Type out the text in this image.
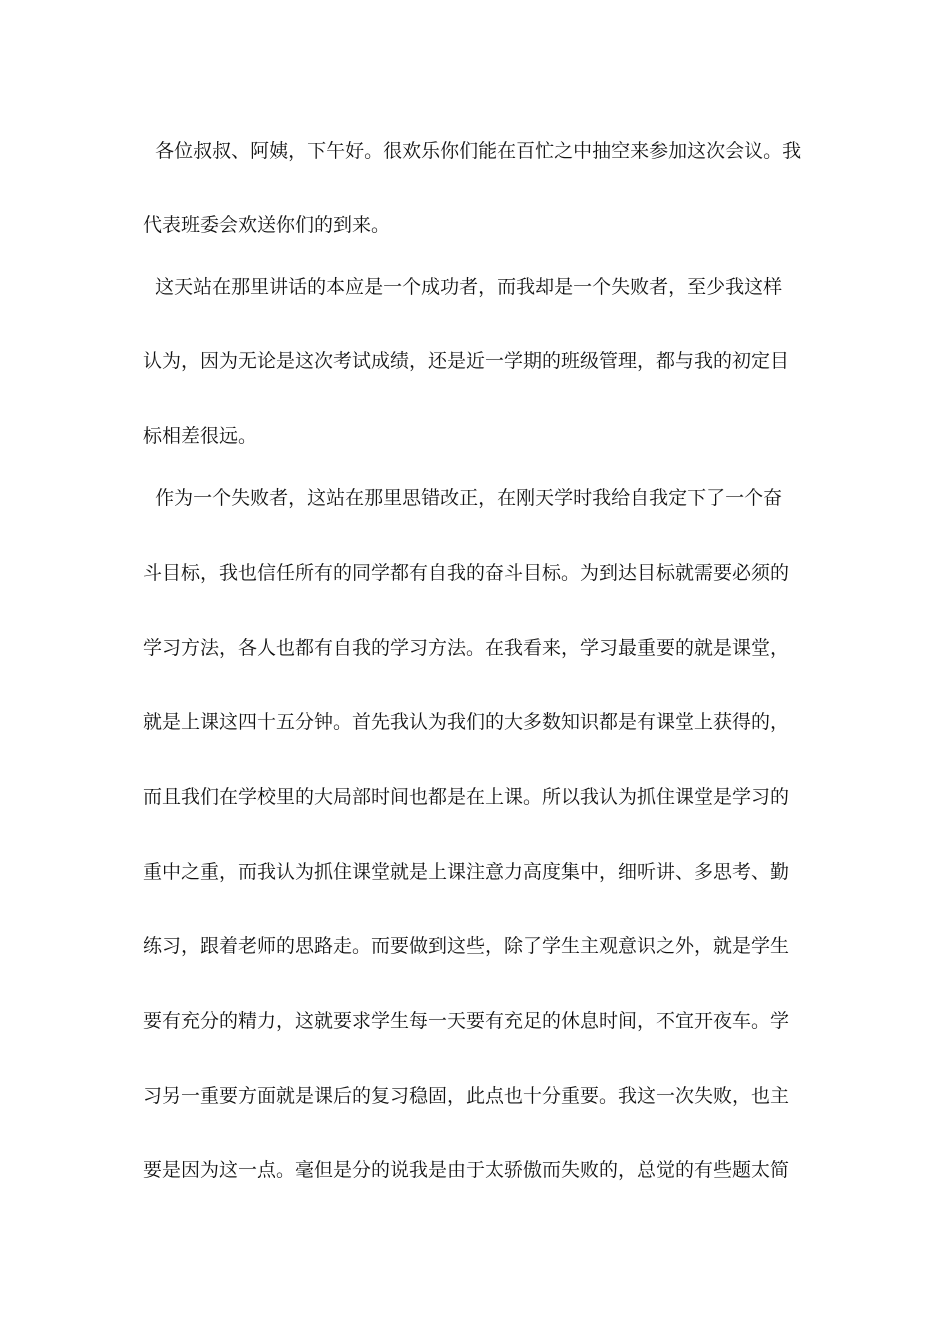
各位叔叔、阿姨，下午好。很欢乐你们能在百忙之中抽空来参加这次会议。我
代表班委会欢送你们的到来。
这天站在那里讲话的本应是一个成功者，而我却是一个失败者，至少我这样
认为，因为无论是这次考试成绩，还是近一学期的班级管理，都与我的初定目
标相差很远。
作为一个失败者，这站在那里思错改正，在刚天学时我给自我定下了一个奋
斗目标，我也信任所有的同学都有自我的奋斗目标。为到达目标就需要必须的
学习方法，各人也都有自我的学习方法。在我看来，学习最重要的就是课堂，
就是上课这四十五分钟。首先我认为我们的大多数知识都是有课堂上获得的，
而且我们在学校里的大局部时间也都是在上课。所以我认为抓住课堂是学习的
重中之重，而我认为抓住课堂就是上课注意力高度集中，细听讲、多思考、勤
练习，跟着老师的思路走。而要做到这些，除了学生主观意识之外，就是学生
要有充分的精力，这就要求学生每一天要有充足的休息时间，不宜开夜车。学
习另一重要方面就是课后的复习稳固，此点也十分重要。我这一次失败，也主
要是因为这一点。毫但是分的说我是由于太骄傲而失败的，总觉的有些题太简
